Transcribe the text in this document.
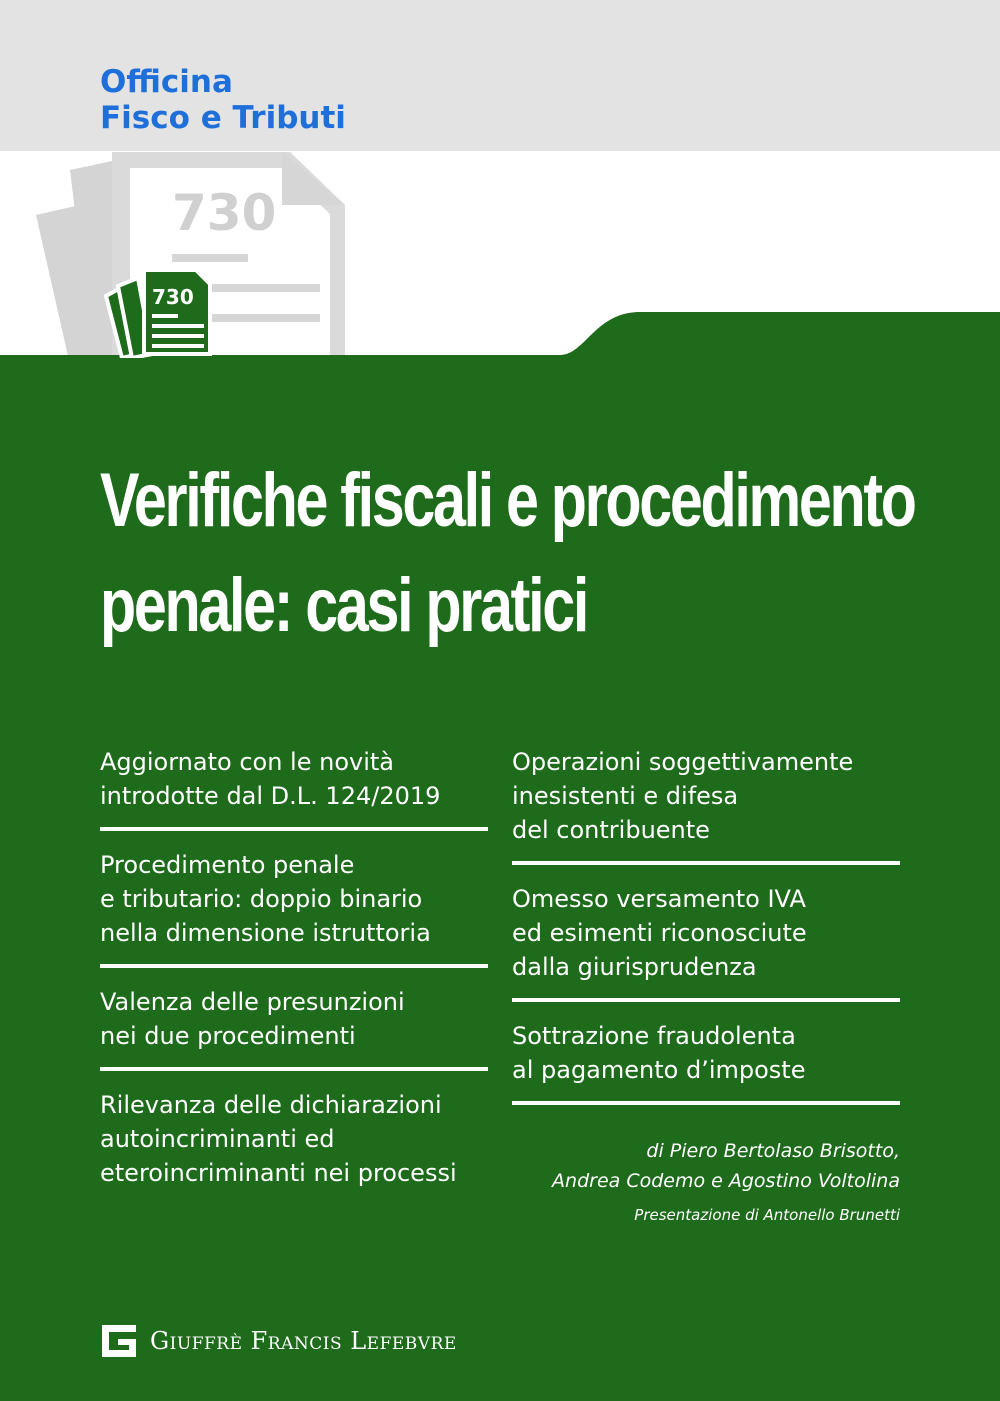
730
730
Officina
Fisco e Tributi
Verifiche fiscali e procedimento
penale: casi pratici
Aggiornato con le novità
introdotte dal D.L. 124/2019
Procedimento penale
e tributario: doppio binario
nella dimensione istruttoria
Valenza delle presunzioni
nei due procedimenti
Rilevanza delle dichiarazioni
autoincriminanti ed
eteroincriminanti nei processi
Operazioni soggettivamente
inesistenti e difesa
del contribuente
Omesso versamento IVA
ed esimenti riconosciute
dalla giurisprudenza
Sottrazione fraudolenta
al pagamento d’imposte
di Piero Bertolaso Brisotto,
Andrea Codemo e Agostino Voltolina
Presentazione di Antonello Brunetti
Giuffrè Francis Lefebvre
